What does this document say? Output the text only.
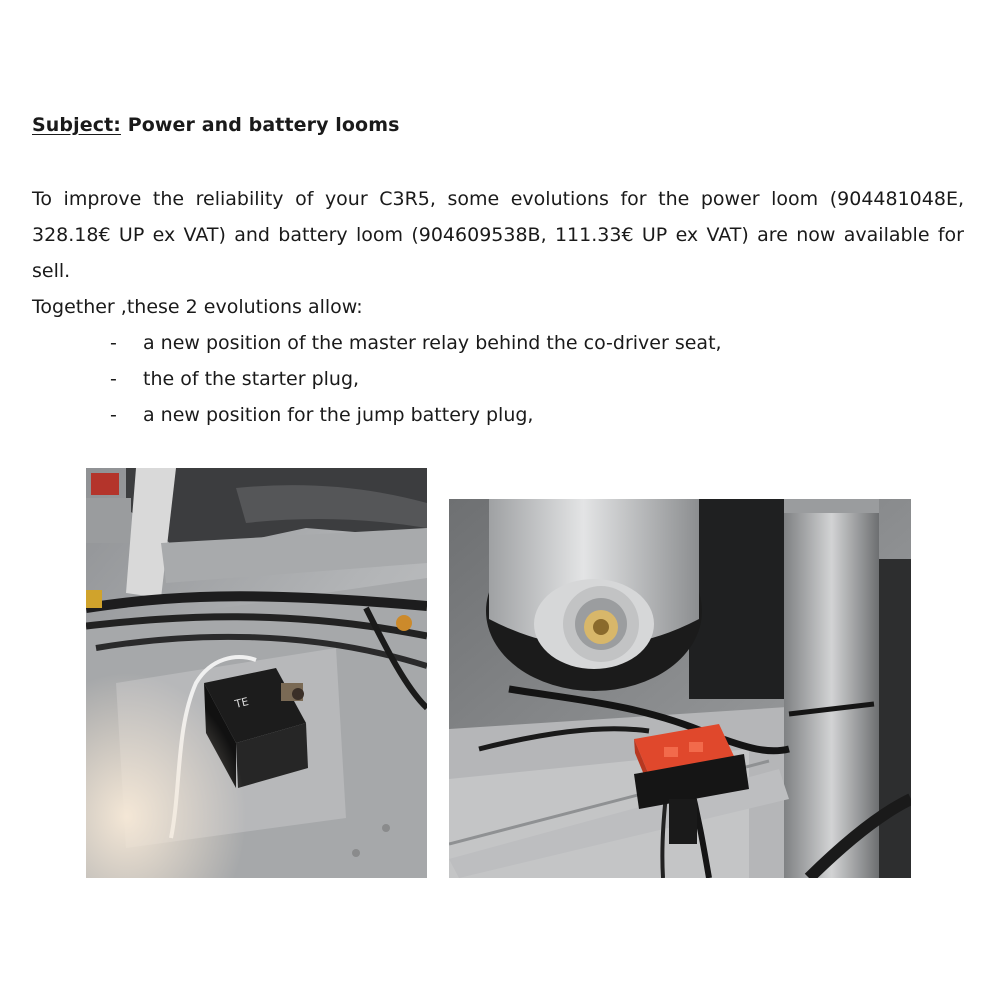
Subject: Power and battery looms

To improve the reliability of your C3R5, some evolutions for the power loom (904481048E, 328.18€ UP ex VAT) and battery loom (904609538B, 111.33€ UP ex VAT) are now available for sell.

Together ,these 2 evolutions allow:

- a new position of the master relay behind the co-driver seat,
- the of the starter plug,
- a new position for the jump battery plug,
